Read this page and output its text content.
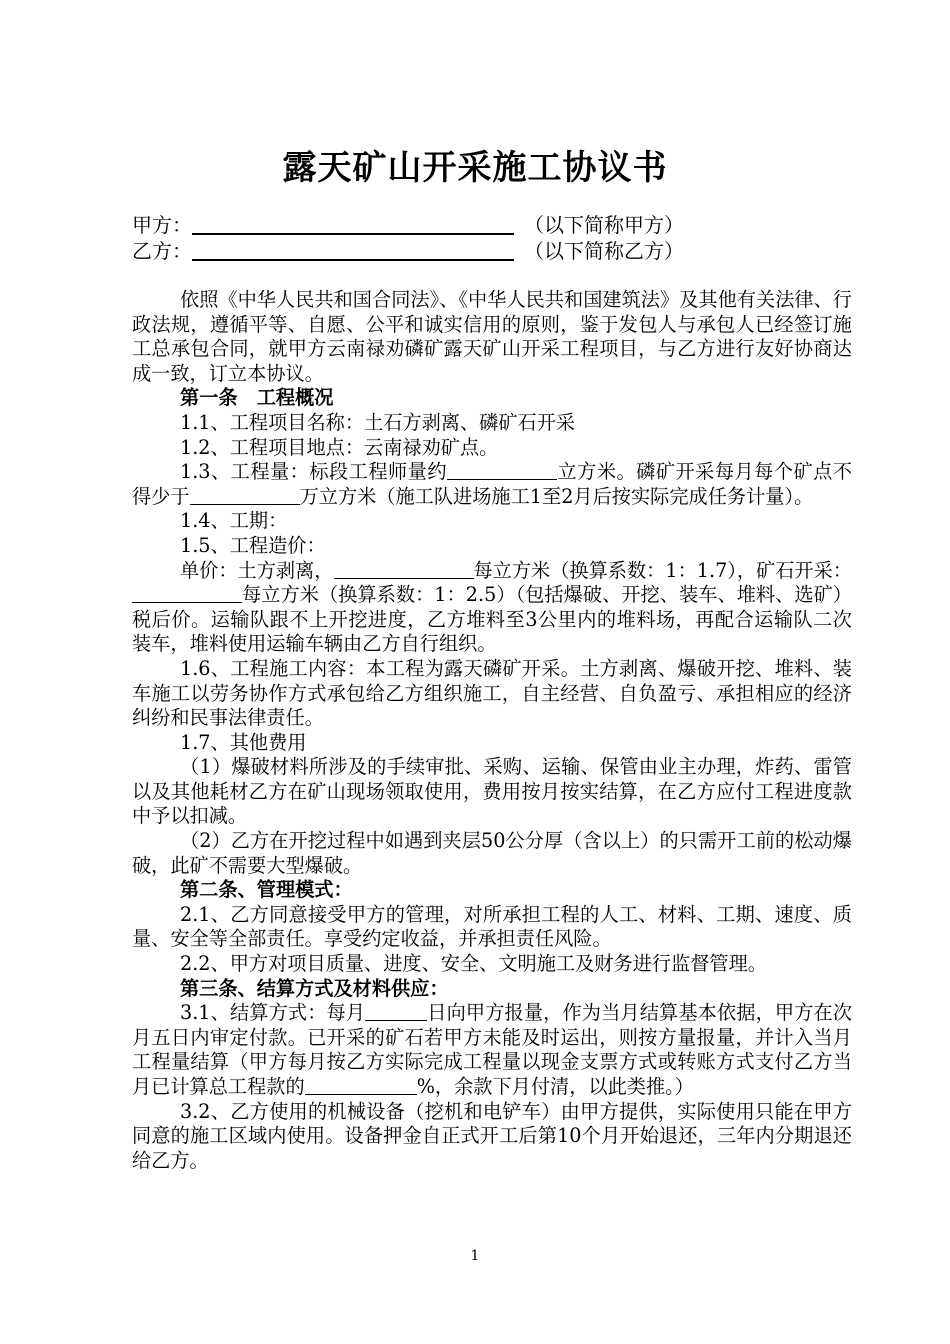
露天矿山开采施工协议书
甲方：	（以下简称甲方）
乙方：	（以下简称乙方）

依照《中华人民共和国合同法》、《中华人民共和国建筑法》及其他有关法律、行政法规，遵循平等、自愿、公平和诚实信用的原则，鉴于发包人与承包人已经签订施工总承包合同，就甲方云南禄劝磷矿露天矿山开采工程项目，与乙方进行友好协商达成一致，订立本协议。

第一条　工程概况

1.1、工程项目名称：土石方剥离、磷矿石开采

1.2、工程项目地点：云南禄劝矿点。

1.3、工程量：标段工程师量约	立方米。磷矿开采每月每个矿点不得少于	万立方米（施工队进场施工1至2月后按实际完成任务计量）。

1.4、工期：

1.5、工程造价：

单价：土方剥离，	每立方米（换算系数：1：1.7），矿石开采：每立方米（换算系数：1：2.5）（包括爆破、开挖、装车、堆料、选矿）税后价。运输队跟不上开挖进度，乙方堆料至3公里内的堆料场，再配合运输队二次装车，堆料使用运输车辆由乙方自行组织。

1.6、工程施工内容：本工程为露天磷矿开采。土方剥离、爆破开挖、堆料、装车施工以劳务协作方式承包给乙方组织施工，自主经营、自负盈亏、承担相应的经济纠纷和民事法律责任。

1.7、其他费用

（1）爆破材料所涉及的手续审批、采购、运输、保管由业主办理，炸药、雷管以及其他耗材乙方在矿山现场领取使用，费用按月按实结算，在乙方应付工程进度款中予以扣减。

（2）乙方在开挖过程中如遇到夹层50公分厚（含以上）的只需开工前的松动爆破，此矿不需要大型爆破。

第二条、管理模式：

2.1、乙方同意接受甲方的管理，对所承担工程的人工、材料、工期、速度、质量、安全等全部责任。享受约定收益，并承担责任风险。

2.2、甲方对项目质量、进度、安全、文明施工及财务进行监督管理。

第三条、结算方式及材料供应：

3.1、结算方式：每月	日向甲方报量，作为当月结算基本依据，甲方在次月五日内审定付款。已开采的矿石若甲方未能及时运出，则按方量报量，并计入当月工程量结算（甲方每月按乙方实际完成工程量以现金支票方式或转账方式支付乙方当月已计算总工程款的	%，余款下月付清，以此类推。）

3.2、乙方使用的机械设备（挖机和电铲车）由甲方提供，实际使用只能在甲方同意的施工区域内使用。设备押金自正式开工后第10个月开始退还，三年内分期退还给乙方。

1
